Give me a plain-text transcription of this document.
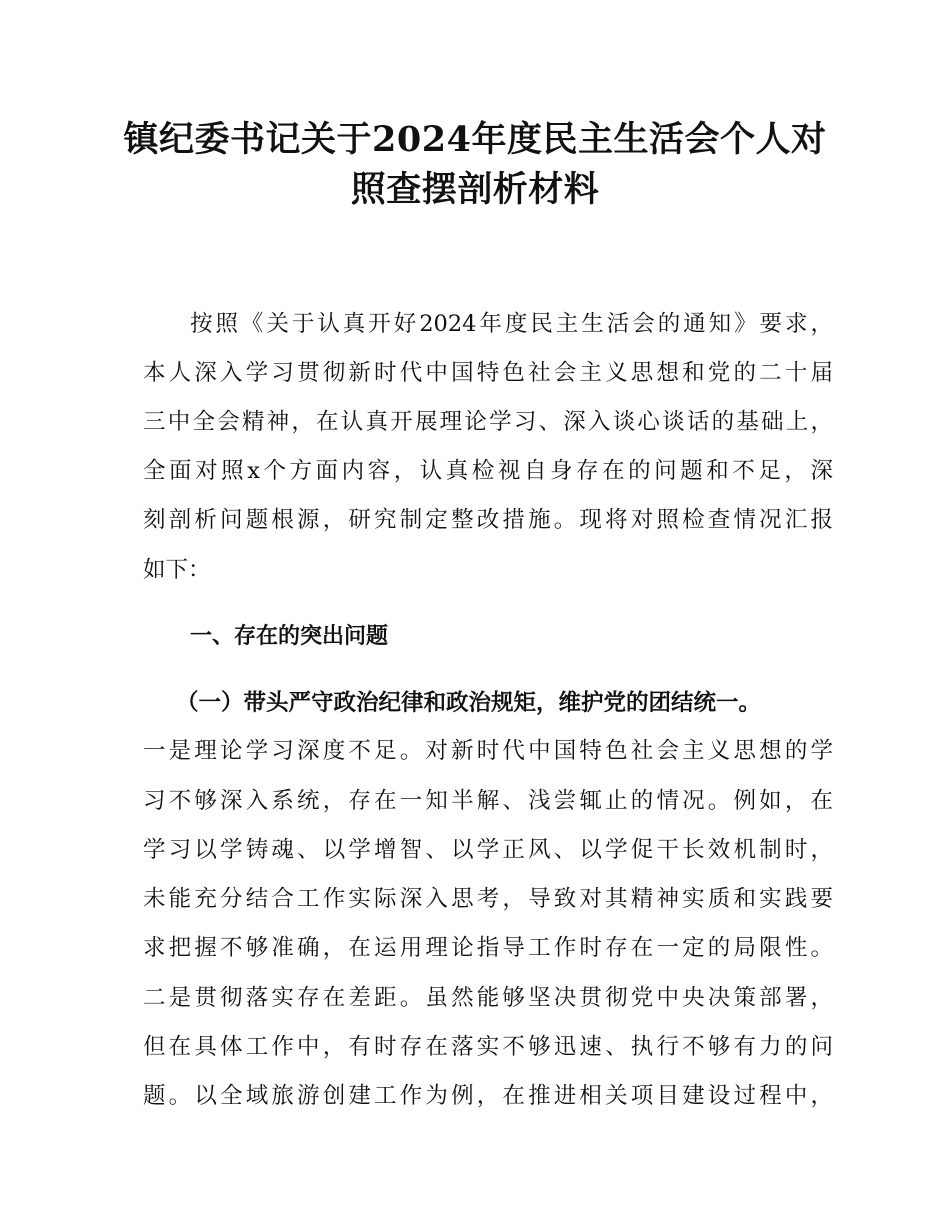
镇纪委书记关于2024年度民主生活会个人对
照查摆剖析材料

按照《关于认真开好2024年度民主生活会的通知》要求，

本人深入学习贯彻新时代中国特色社会主义思想和党的二十届

三中全会精神，在认真开展理论学习、深入谈心谈话的基础上，

全面对照x个方面内容，认真检视自身存在的问题和不足，深

刻剖析问题根源，研究制定整改措施。现将对照检查情况汇报

如下：

一、存在的突出问题
（一）带头严守政治纪律和政治规矩，维护党的团结统一。

一是理论学习深度不足。对新时代中国特色社会主义思想的学

习不够深入系统，存在一知半解、浅尝辄止的情况。例如，在

学习以学铸魂、以学增智、以学正风、以学促干长效机制时，

未能充分结合工作实际深入思考，导致对其精神实质和实践要

求把握不够准确，在运用理论指导工作时存在一定的局限性。

二是贯彻落实存在差距。虽然能够坚决贯彻党中央决策部署，

但在具体工作中，有时存在落实不够迅速、执行不够有力的问

题。以全域旅游创建工作为例，在推进相关项目建设过程中，
